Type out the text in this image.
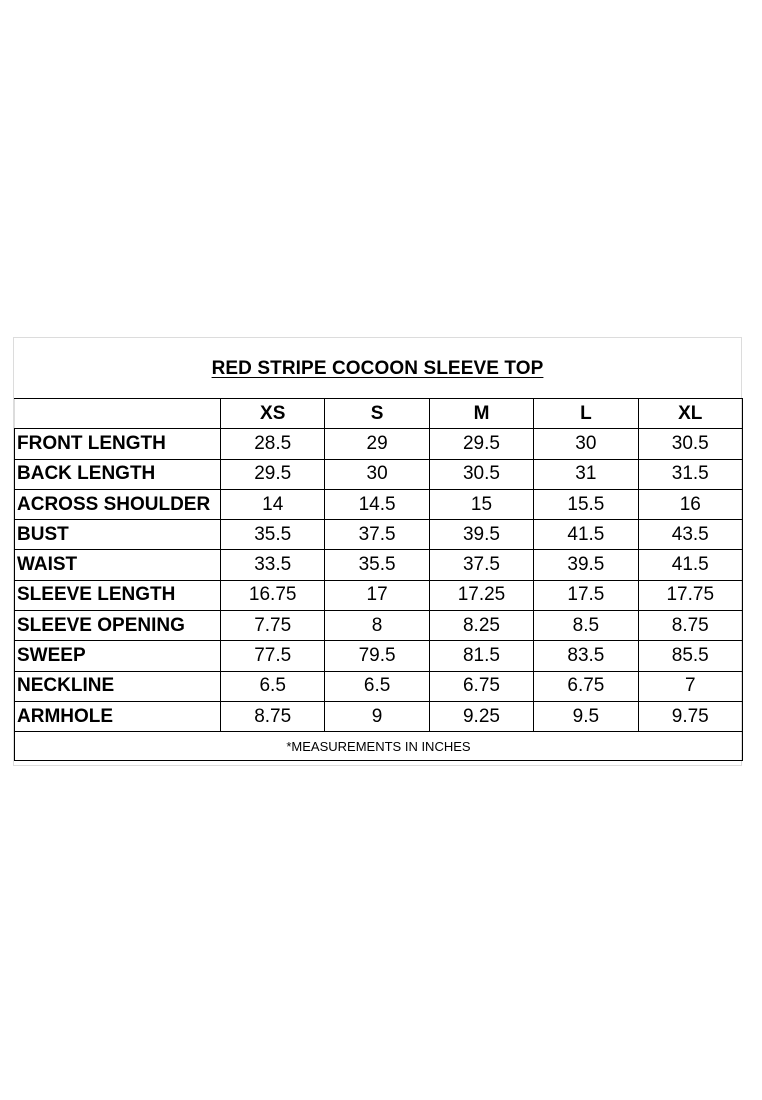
RED STRIPE COCOON SLEEVE TOP
	XS	S	M	L	XL
FRONT LENGTH	28.5	29	29.5	30	30.5
BACK LENGTH	29.5	30	30.5	31	31.5
ACROSS SHOULDER	14	14.5	15	15.5	16
BUST	35.5	37.5	39.5	41.5	43.5
WAIST	33.5	35.5	37.5	39.5	41.5
SLEEVE LENGTH	16.75	17	17.25	17.5	17.75
SLEEVE OPENING	7.75	8	8.25	8.5	8.75
SWEEP	77.5	79.5	81.5	83.5	85.5
NECKLINE	6.5	6.5	6.75	6.75	7
ARMHOLE	8.75	9	9.25	9.5	9.75
*MEASUREMENTS IN INCHES					
